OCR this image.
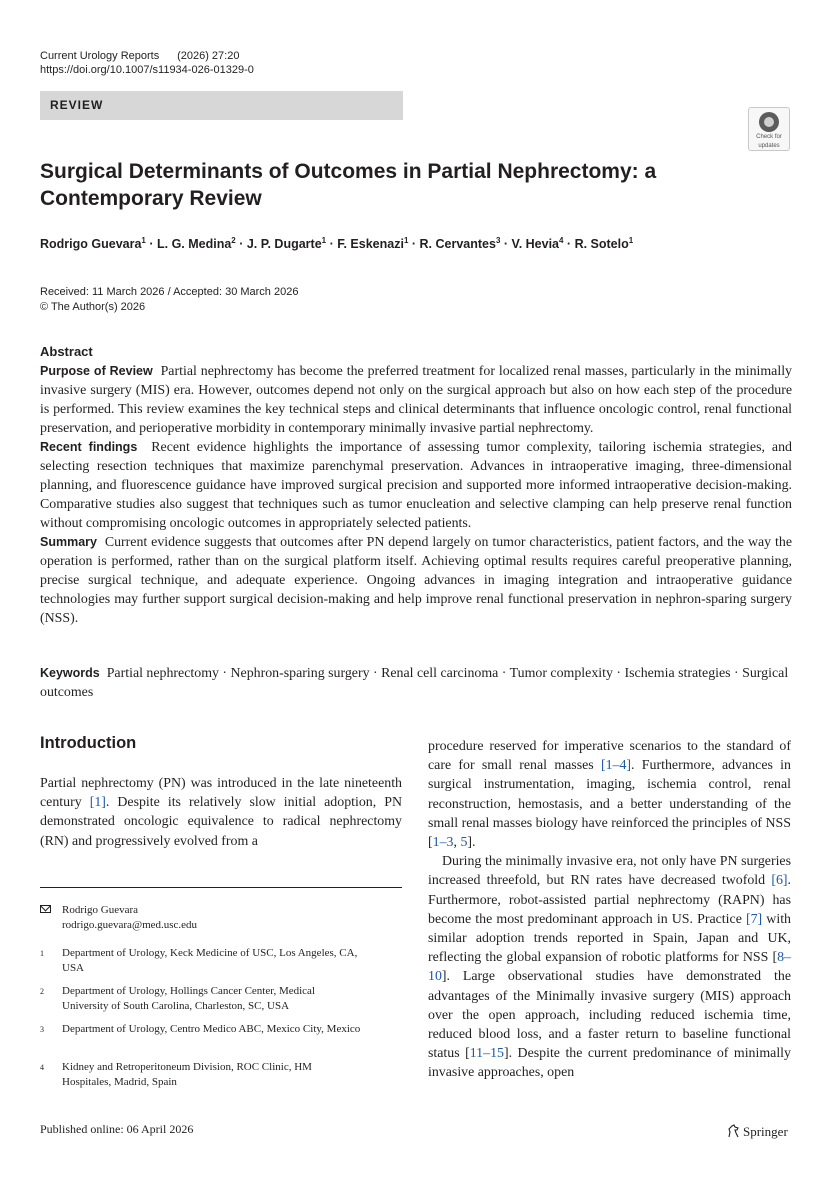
Current Urology Reports (2026) 27:20
https://doi.org/10.1007/s11934-026-01329-0
REVIEW
Check for
updates
Surgical Determinants of Outcomes in Partial Nephrectomy: a
Contemporary Review
Rodrigo Guevara$^1$ · L. G. Medina$^2$ · J. P. Dugarte$^1$ · F. Eskenazi$^1$ · R. Cervantes$^3$ · V. Hevia$^4$ · R. Sotelo$^1$
Received: 11 March 2026 / Accepted: 30 March 2026
© The Author(s) 2026
Abstract

Purpose of Review Partial nephrectomy has become the preferred treatment for localized renal masses, particularly in the minimally invasive surgery (MIS) era. However, outcomes depend not only on the surgical approach but also on how each step of the procedure is performed. This review examines the key technical steps and clinical determinants that influence oncologic control, renal functional preservation, and perioperative morbidity in contemporary minimally invasive partial nephrectomy.

Recent findings Recent evidence highlights the importance of assessing tumor complexity, tailoring ischemia strategies, and selecting resection techniques that maximize parenchymal preservation. Advances in intraoperative imaging, three-dimensional planning, and fluorescence guidance have improved surgical precision and supported more informed intraoperative decision-making. Comparative studies also suggest that techniques such as tumor enucleation and selective clamping can help preserve renal function without compromising oncologic outcomes in appropriately selected patients.

Summary Current evidence suggests that outcomes after PN depend largely on tumor characteristics, patient factors, and the way the operation is performed, rather than on the surgical platform itself. Achieving optimal results requires careful preoperative planning, precise surgical technique, and adequate experience. Ongoing advances in imaging integration and intraoperative guidance technologies may further support surgical decision-making and help improve renal functional preservation in nephron-sparing surgery (NSS).

Keywords Partial nephrectomy · Nephron-sparing surgery · Renal cell carcinoma · Tumor complexity · Ischemia strategies · Surgical outcomes
Introduction
Partial nephrectomy (PN) was introduced in the late nineteenth century [1]. Despite its relatively slow initial adoption, PN demonstrated oncologic equivalence to radical nephrectomy (RN) and progressively evolved from a

procedure reserved for imperative scenarios to the standard of care for small renal masses [1–4]. Furthermore, advances in surgical instrumentation, imaging, ischemia control, renal reconstruction, hemostasis, and a better understanding of the small renal masses biology have reinforced the principles of NSS [1–3, 5].

During the minimally invasive era, not only have PN surgeries increased threefold, but RN rates have decreased twofold [6]. Furthermore, robot-assisted partial nephrectomy (RAPN) has become the most predominant approach in US. Practice [7] with similar adoption trends reported in Spain, Japan and UK, reflecting the global expansion of robotic platforms for NSS [8–10]. Large observational studies have demonstrated the advantages of the Minimally invasive surgery (MIS) approach over the open approach, including reduced ischemia time, reduced blood loss, and a faster return to baseline functional status [11–15]. Despite the current predominance of minimally invasive approaches, open

Rodrigo Guevara
rodrigo.guevara@med.usc.edu
1 Department of Urology, Keck Medicine of USC, Los Angeles, CA, USA
2 Department of Urology, Hollings Cancer Center, Medical University of South Carolina, Charleston, SC, USA
3 Department of Urology, Centro Medico ABC, Mexico City, Mexico
4 Kidney and Retroperitoneum Division, ROC Clinic, HM Hospitales, Madrid, Spain
Published online: 06 April 2026	Springer
